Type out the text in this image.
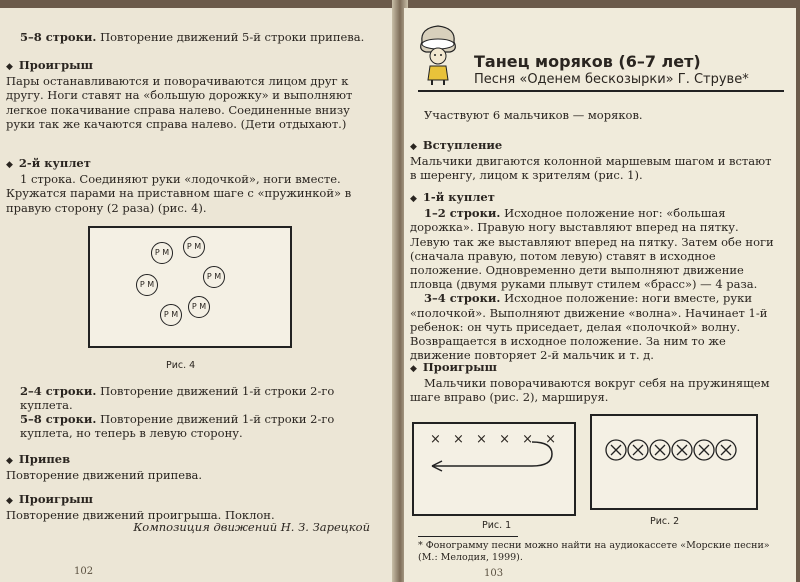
5–8 строки. Повторение движений 5-й строки припева.
◆ Проигрыш

Пары останавливаются и поворачиваются лицом друг к другу. Ноги ставят на «большую дорожку» и выполняют легкое покачивание справа налево. Соединенные внизу руки так же качаются справа налево. (Дети отдыхают.)

◆ 2-й куплет

1 строка. Соединяют руки «лодочкой», ноги вместе. Кружатся парами на приставном шаге с «пружинкой» в правую сторону (2 раза) (рис. 4).

Р М
Р М
Р М
Р М
Р М
Р М
Рис. 4
2–4 строки. Повторение движений 1-й строки 2-го куплета.
5–8 строки. Повторение движений 1-й строки 2-го куплета, но теперь в левую сторону.
◆ Припев

Повторение движений припева.

◆ Проигрыш

Повторение движений проигрыша. Поклон.

Композиция движений Н. З. Зарецкой
102
Танец моряков (6–7 лет)
Песня «Оденем бескозырки» Г. Струве*
Участвуют 6 мальчиков — моряков.
◆ Вступление

Мальчики двигаются колонной маршевым шагом и встают в шеренгу, лицом к зрителям (рис. 1).

◆ 1-й куплет

1–2 строки. Исходное положение ног: «большая дорожка». Правую ногу выставляют вперед на пятку. Левую так же выставляют вперед на пятку. Затем обе ноги (сначала правую, потом левую) ставят в исходное положение. Одновременно дети выполняют движение пловца (двумя руками плывут стилем «брасс») — 4 раза.

3–4 строки. Исходное положение: ноги вместе, руки «полочкой». Выполняют движение «волна». Начинает 1-й ребенок: он чуть приседает, делая «полочкой» волну. Возвращается в исходное положение. За ним то же движение повторяет 2-й мальчик и т. д.

◆ Проигрыш

Мальчики поворачиваются вокруг себя на пружинящем шаге вправо (рис. 2), маршируя.

× × × × × ×
Рис. 1	Рис. 2
* Фонограмму песни можно найти на аудиокассете «Морские песни» (М.: Мелодия, 1999).
103
